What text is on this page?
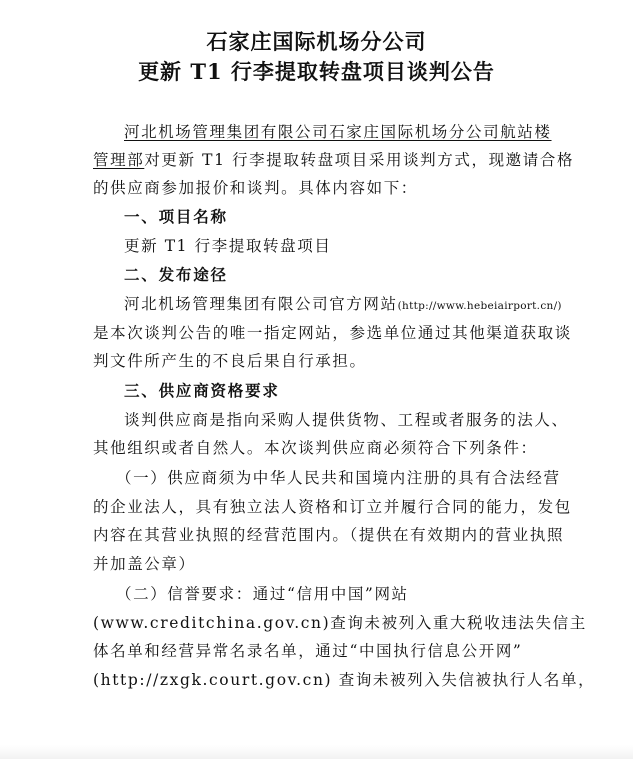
石家庄国际机场分公司
更新 T1 行李提取转盘项目谈判公告
河北机场管理集团有限公司石家庄国际机场分公司航站楼
管理部对更新 T1 行李提取转盘项目采用谈判方式，现邀请合格
的供应商参加报价和谈判。具体内容如下：
一、项目名称
更新 T1 行李提取转盘项目
二、发布途径
河北机场管理集团有限公司官方网站(http://www.hebeiairport.cn/)
是本次谈判公告的唯一指定网站，参选单位通过其他渠道获取谈
判文件所产生的不良后果自行承担。
三、供应商资格要求
谈判供应商是指向采购人提供货物、工程或者服务的法人、
其他组织或者自然人。本次谈判供应商必须符合下列条件：
（一）供应商须为中华人民共和国境内注册的具有合法经营
的企业法人，具有独立法人资格和订立并履行合同的能力，发包
内容在其营业执照的经营范围内。（提供在有效期内的营业执照
并加盖公章）
（二）信誉要求：通过“信用中国”网站
(www.creditchina.gov.cn)查询未被列入重大税收违法失信主
体名单和经营异常名录名单，通过“中国执行信息公开网”
(http://zxgk.court.gov.cn) 查询未被列入失信被执行人名单，
